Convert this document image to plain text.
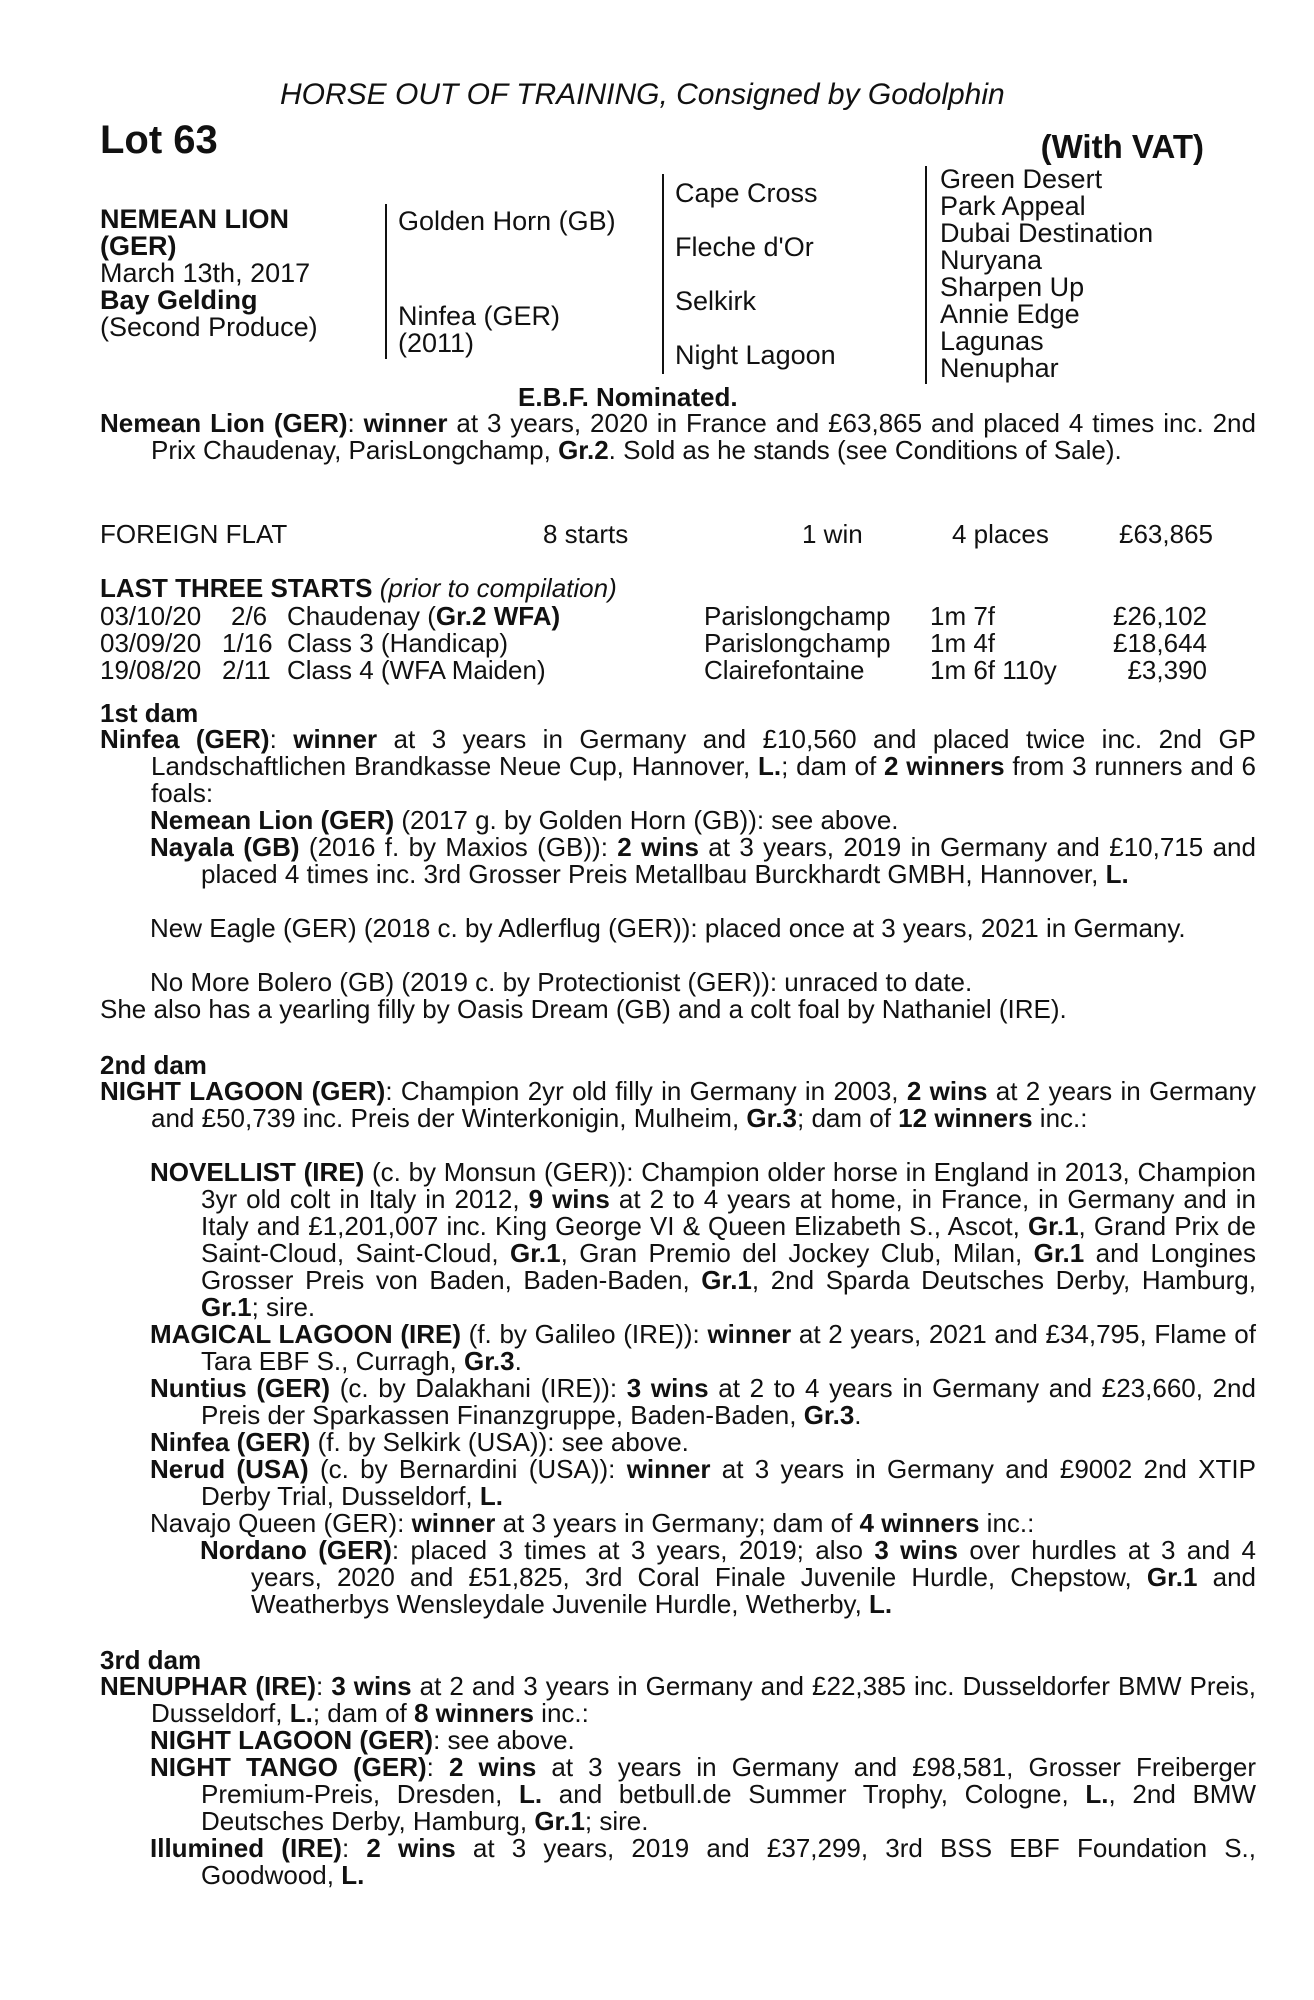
HORSE OUT OF TRAINING, Consigned by Godolphin
Lot 63	(With VAT)
NEMEAN LION
(GER)
March 13th, 2017
Bay Gelding
(Second Produce)
Golden Horn (GB)
Ninfea (GER)
(2011)
Cape Cross
Fleche d'Or
Selkirk
Night Lagoon
Green Desert
Park Appeal
Dubai Destination
Nuryana
Sharpen Up
Annie Edge
Lagunas
Nenuphar
E.B.F. Nominated.
Nemean Lion (GER): winner at 3 years, 2020 in France and £63,865 and placed 4 times inc. 2nd Prix Chaudenay, ParisLongchamp, Gr.2. Sold as he stands (see Conditions of Sale).
FOREIGN FLAT	8 starts	1 win	4 places	£63,865
LAST THREE STARTS (prior to compilation)
03/10/20 2/6 Chaudenay (Gr.2 WFA)	Parislongchamp 1m 7f	£26,102
03/09/20 1/16 Class 3 (Handicap)	Parislongchamp 1m 4f	£18,644
19/08/20 2/11 Class 4 (WFA Maiden)	Clairefontaine	1m 6f 110y	£3,390
1st dam
Ninfea (GER): winner at 3 years in Germany and £10,560 and placed twice inc. 2nd GP Landschaftlichen Brandkasse Neue Cup, Hannover, L.; dam of 2 winners from 3 runners and 6 foals:
Nemean Lion (GER) (2017 g. by Golden Horn (GB)): see above.
Nayala (GB) (2016 f. by Maxios (GB)): 2 wins at 3 years, 2019 in Germany and £10,715 and placed 4 times inc. 3rd Grosser Preis Metallbau Burckhardt GMBH, Hannover, L.
New Eagle (GER) (2018 c. by Adlerflug (GER)): placed once at 3 years, 2021 in Germany.
No More Bolero (GB) (2019 c. by Protectionist (GER)): unraced to date.
She also has a yearling filly by Oasis Dream (GB) and a colt foal by Nathaniel (IRE).
2nd dam
NIGHT LAGOON (GER): Champion 2yr old filly in Germany in 2003, 2 wins at 2 years in Germany and £50,739 inc. Preis der Winterkonigin, Mulheim, Gr.3; dam of 12 winners inc.:
NOVELLIST (IRE) (c. by Monsun (GER)): Champion older horse in England in 2013, Champion 3yr old colt in Italy in 2012, 9 wins at 2 to 4 years at home, in France, in Germany and in Italy and £1,201,007 inc. King George VI & Queen Elizabeth S., Ascot, Gr.1, Grand Prix de Saint-Cloud, Saint-Cloud, Gr.1, Gran Premio del Jockey Club, Milan, Gr.1 and Longines Grosser Preis von Baden, Baden-Baden, Gr.1, 2nd Sparda Deutsches Derby, Hamburg, Gr.1; sire.
MAGICAL LAGOON (IRE) (f. by Galileo (IRE)): winner at 2 years, 2021 and £34,795, Flame of Tara EBF S., Curragh, Gr.3.
Nuntius (GER) (c. by Dalakhani (IRE)): 3 wins at 2 to 4 years in Germany and £23,660, 2nd Preis der Sparkassen Finanzgruppe, Baden-Baden, Gr.3.
Ninfea (GER) (f. by Selkirk (USA)): see above.
Nerud (USA) (c. by Bernardini (USA)): winner at 3 years in Germany and £9002 2nd XTIP Derby Trial, Dusseldorf, L.
Navajo Queen (GER): winner at 3 years in Germany; dam of 4 winners inc.:
Nordano (GER): placed 3 times at 3 years, 2019; also 3 wins over hurdles at 3 and 4 years, 2020 and £51,825, 3rd Coral Finale Juvenile Hurdle, Chepstow, Gr.1 and Weatherbys Wensleydale Juvenile Hurdle, Wetherby, L.
3rd dam
NENUPHAR (IRE): 3 wins at 2 and 3 years in Germany and £22,385 inc. Dusseldorfer BMW Preis, Dusseldorf, L.; dam of 8 winners inc.:
NIGHT LAGOON (GER): see above.
NIGHT TANGO (GER): 2 wins at 3 years in Germany and £98,581, Grosser Freiberger Premium-Preis, Dresden, L. and betbull.de Summer Trophy, Cologne, L., 2nd BMW Deutsches Derby, Hamburg, Gr.1; sire.
Illumined (IRE): 2 wins at 3 years, 2019 and £37,299, 3rd BSS EBF Foundation S., Goodwood, L.
